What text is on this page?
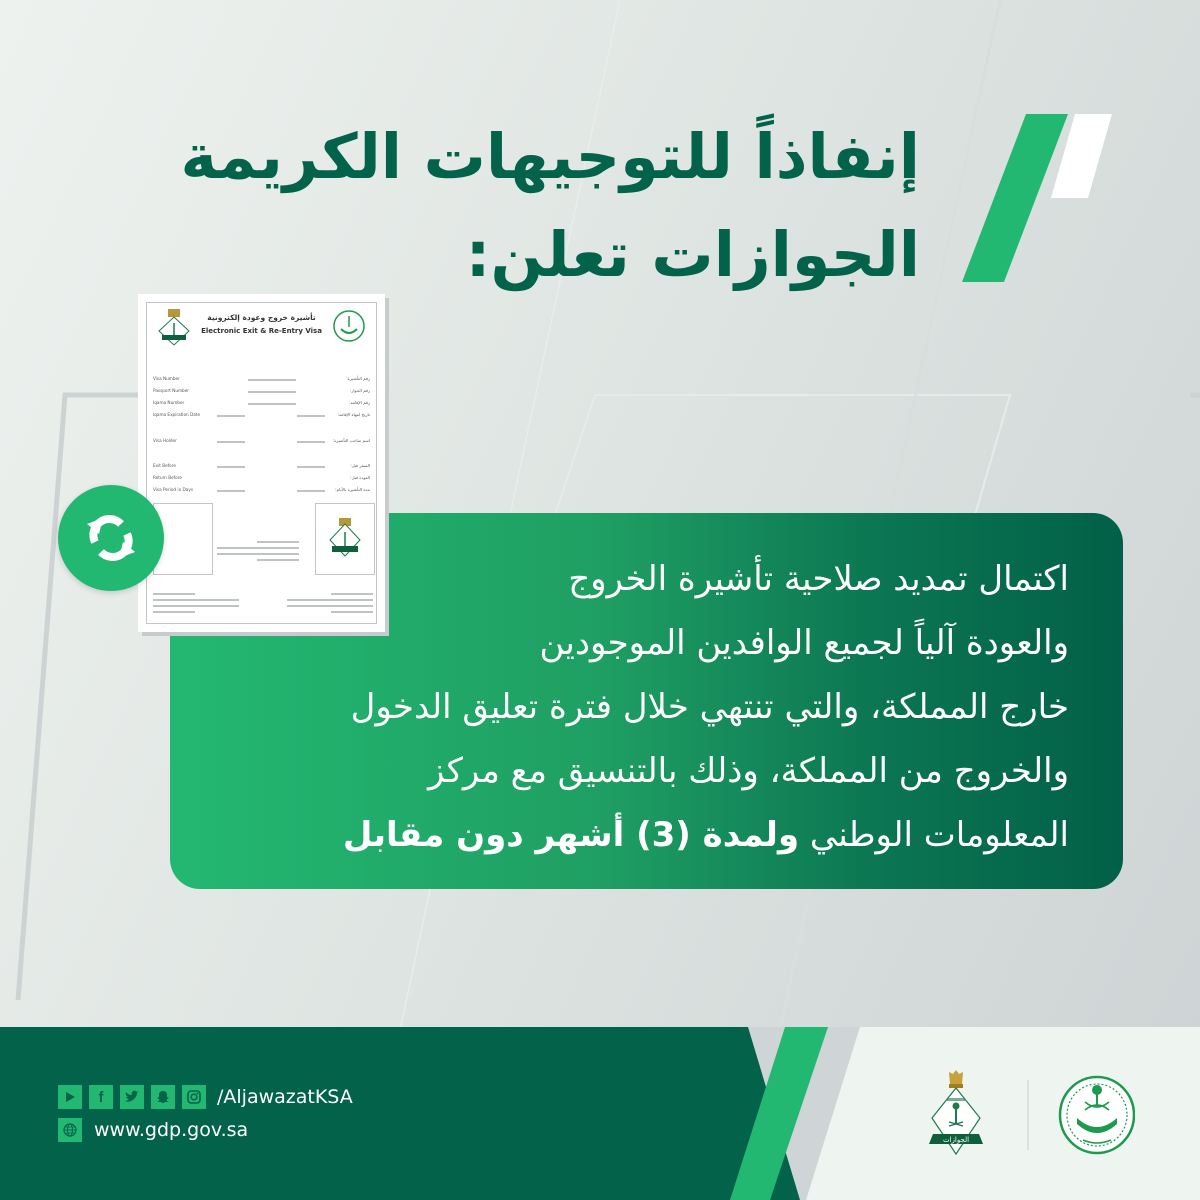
إنفاذاً للتوجيهات الكريمة
الجوازات تعلن:
تأشيرة خروج وعودة إلكترونية
Electronic Exit & Re-Entry Visa
Visa Number	رقم التأشيرة:
Passport Number	رقم الجواز:
Iqama Number	رقم الإقامة:
Iqama Expiration Date	تاريخ انتهاء الإقامة:
Visa Holder	اسم صاحب التأشيرة:
Exit Before	السفر قبل:
Return Before	العودة قبل:
Visa Period in Days	مدة التأشيرة بالأيام:

اكتمال تمديد صلاحية تأشيرة الخروج

والعودة آلياً لجميع الوافدين الموجودين

خارج المملكة، والتي تنتهي خلال فترة تعليق الدخول

والخروج من المملكة، وذلك بالتنسيق مع مركز

المعلومات الوطني ولمدة (3) أشهر دون مقابل

f	/AljawazatKSA
www.gdp.gov.sa	الجوازات
